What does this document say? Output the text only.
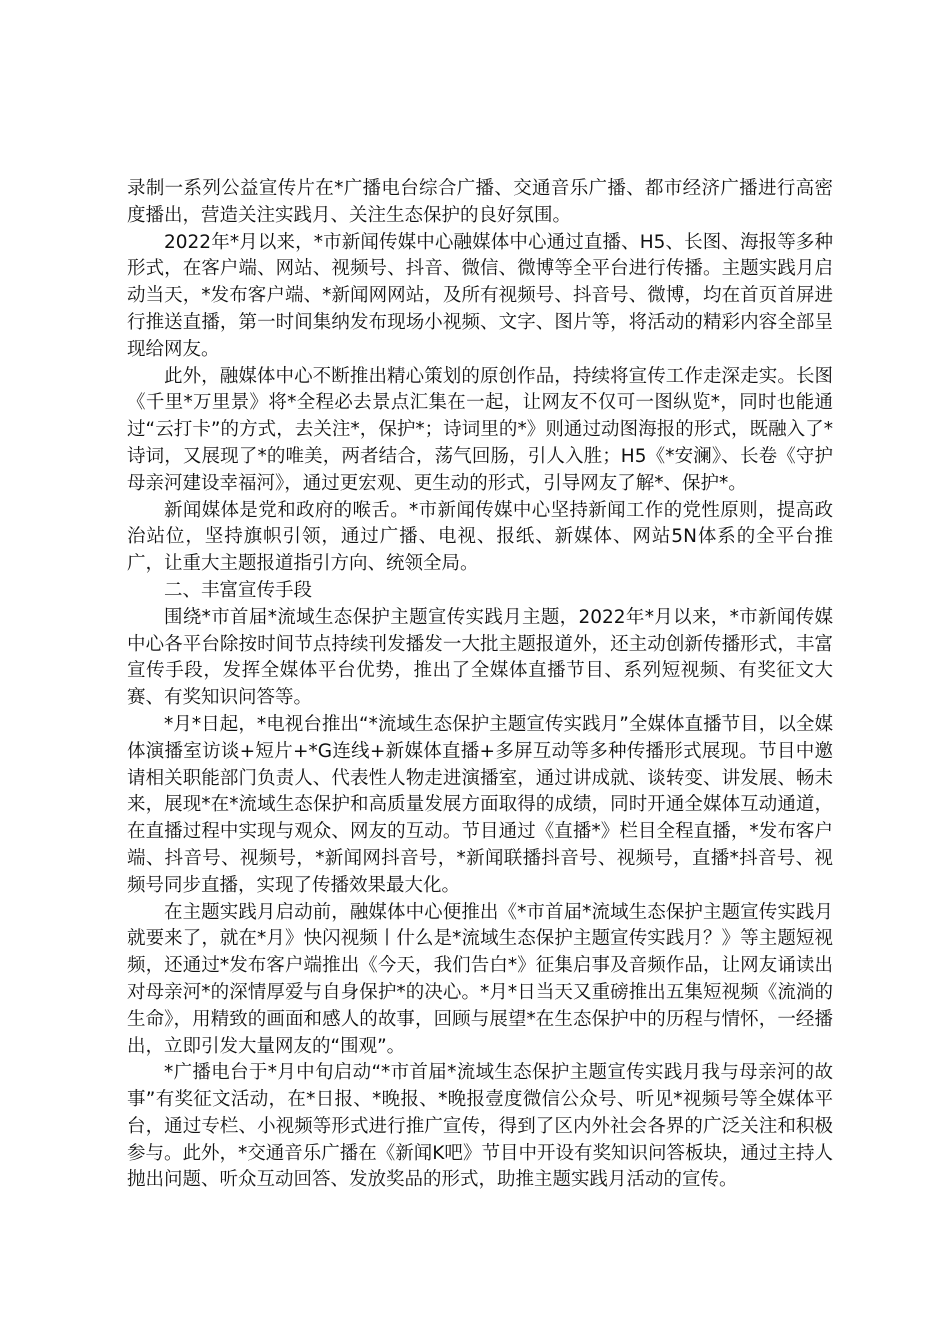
录制一系列公益宣传片在*广播电台综合广播、交通音乐广播、都市经济广播进行高密度播出，营造关注实践月、关注生态保护的良好氛围。

2022年*月以来，*市新闻传媒中心融媒体中心通过直播、H5、长图、海报等多种形式，在客户端、网站、视频号、抖音、微信、微博等全平台进行传播。主题实践月启动当天，*发布客户端、*新闻网网站，及所有视频号、抖音号、微博，均在首页首屏进行推送直播，第一时间集纳发布现场小视频、文字、图片等，将活动的精彩内容全部呈现给网友。

此外，融媒体中心不断推出精心策划的原创作品，持续将宣传工作走深走实。长图《千里*万里景》将*全程必去景点汇集在一起，让网友不仅可一图纵览*，同时也能通过“云打卡”的方式，去关注*，保护*；诗词里的*》则通过动图海报的形式，既融入了*诗词，又展现了*的唯美，两者结合，荡气回肠，引人入胜；H5《*安澜》、长卷《守护母亲河建设幸福河》，通过更宏观、更生动的形式，引导网友了解*、保护*。

新闻媒体是党和政府的喉舌。*市新闻传媒中心坚持新闻工作的党性原则，提高政治站位，坚持旗帜引领，通过广播、电视、报纸、新媒体、网站5N体系的全平台推广，让重大主题报道指引方向、统领全局。

二、丰富宣传手段

围绕*市首届*流域生态保护主题宣传实践月主题，2022年*月以来，*市新闻传媒中心各平台除按时间节点持续刊发播发一大批主题报道外，还主动创新传播形式，丰富宣传手段，发挥全媒体平台优势，推出了全媒体直播节目、系列短视频、有奖征文大赛、有奖知识问答等。

*月*日起，*电视台推出“*流域生态保护主题宣传实践月”全媒体直播节目，以全媒体演播室访谈+短片+*G连线+新媒体直播+多屏互动等多种传播形式展现。节目中邀请相关职能部门负责人、代表性人物走进演播室，通过讲成就、谈转变、讲发展、畅未来，展现*在*流域生态保护和高质量发展方面取得的成绩，同时开通全媒体互动通道，在直播过程中实现与观众、网友的互动。节目通过《直播*》栏目全程直播，*发布客户端、抖音号、视频号，*新闻网抖音号，*新闻联播抖音号、视频号，直播*抖音号、视频号同步直播，实现了传播效果最大化。

在主题实践月启动前，融媒体中心便推出《*市首届*流域生态保护主题宣传实践月就要来了，就在*月》快闪视频丨什么是*流域生态保护主题宣传实践月？》等主题短视频，还通过*发布客户端推出《今天，我们告白*》征集启事及音频作品，让网友诵读出对母亲河*的深情厚爱与自身保护*的决心。*月*日当天又重磅推出五集短视频《流淌的生命》，用精致的画面和感人的故事，回顾与展望*在生态保护中的历程与情怀，一经播出，立即引发大量网友的“围观”。

*广播电台于*月中旬启动“*市首届*流域生态保护主题宣传实践月我与母亲河的故事”有奖征文活动，在*日报、*晚报、*晚报壹度微信公众号、听见*视频号等全媒体平台，通过专栏、小视频等形式进行推广宣传，得到了区内外社会各界的广泛关注和积极参与。此外，*交通音乐广播在《新闻K吧》节目中开设有奖知识问答板块，通过主持人抛出问题、听众互动回答、发放奖品的形式，助推主题实践月活动的宣传。
